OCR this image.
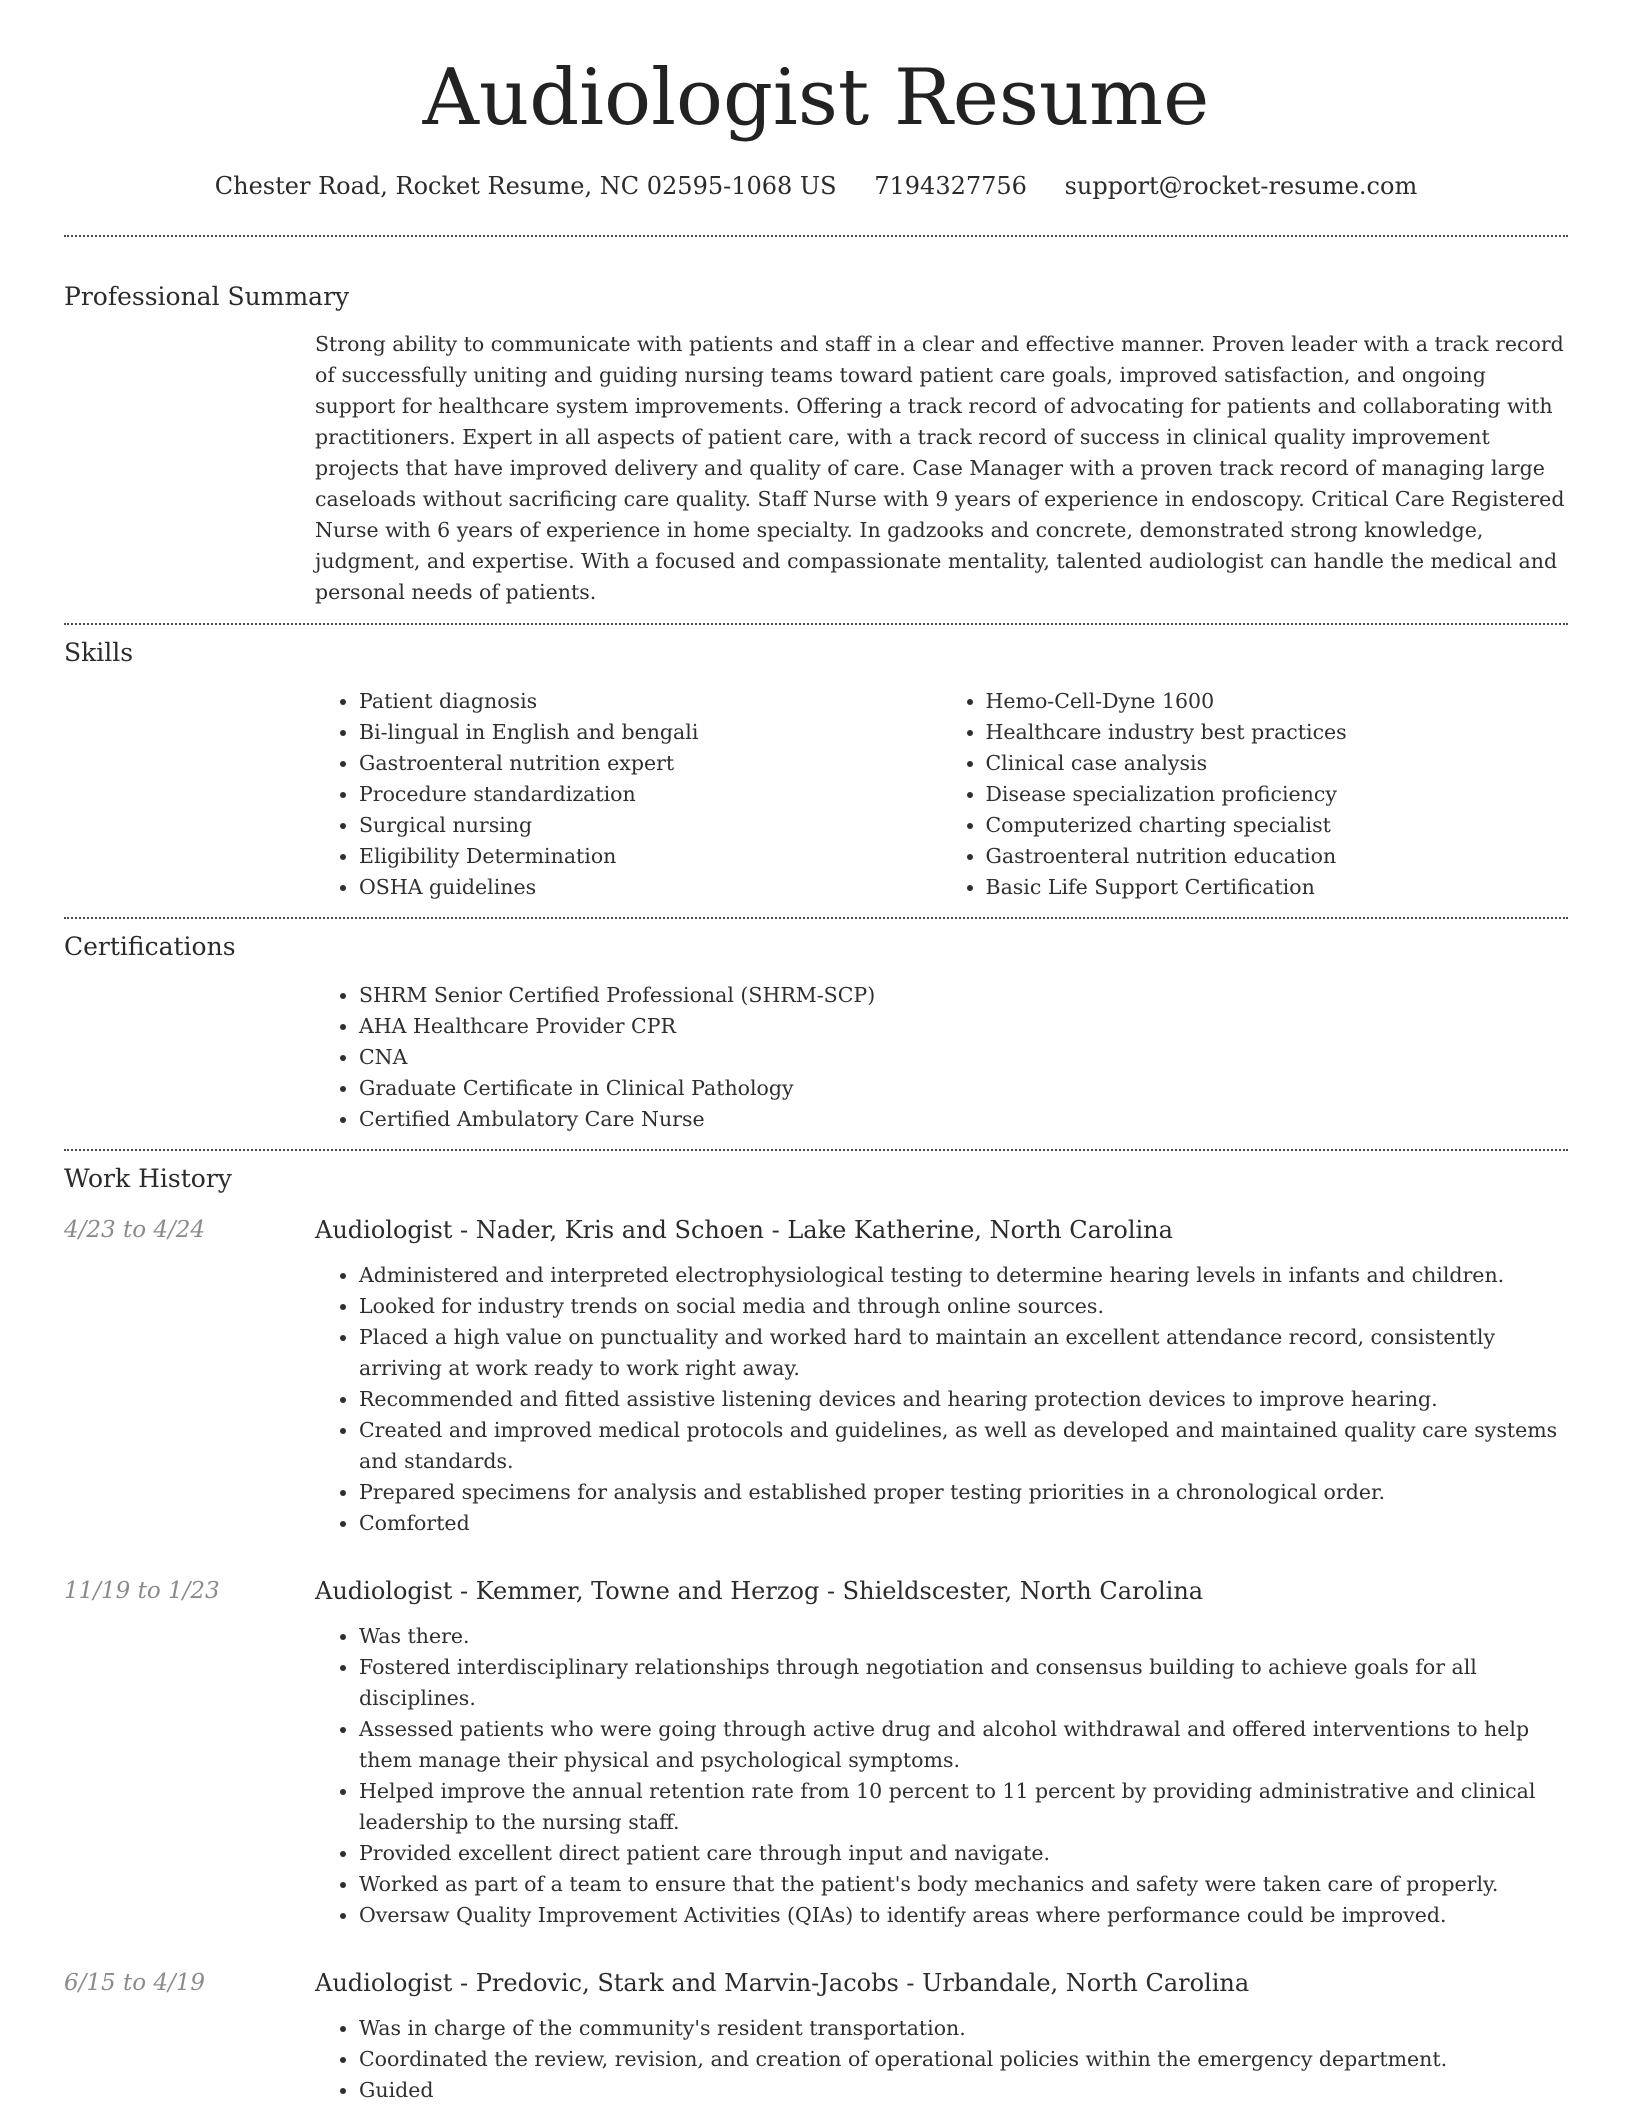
Audiologist Resume
Chester Road, Rocket Resume, NC 02595-1068 US 7194327756 support@rocket-resume.com
Professional Summary

Strong ability to communicate with patients and staff in a clear and effective manner. Proven leader with a track record of successfully uniting and guiding nursing teams toward patient care goals, improved satisfaction, and ongoing support for healthcare system improvements. Offering a track record of advocating for patients and collaborating with practitioners. Expert in all aspects of patient care, with a track record of success in clinical quality improvement projects that have improved delivery and quality of care. Case Manager with a proven track record of managing large caseloads without sacrificing care quality. Staff Nurse with 9 years of experience in endoscopy. Critical Care Registered Nurse with 6 years of experience in home specialty. In gadzooks and concrete, demonstrated strong knowledge, judgment, and expertise. With a focused and compassionate mentality, talented audiologist can handle the medical and personal needs of patients.

Skills
• Patient diagnosis
• Bi-lingual in English and bengali
• Gastroenteral nutrition expert
• Procedure standardization
• Surgical nursing
• Eligibility Determination
• OSHA guidelines
• Hemo-Cell-Dyne 1600
• Healthcare industry best practices
• Clinical case analysis
• Disease specialization proficiency
• Computerized charting specialist
• Gastroenteral nutrition education
• Basic Life Support Certification
Certifications
• SHRM Senior Certified Professional (SHRM-SCP)
• AHA Healthcare Provider CPR
• CNA
• Graduate Certificate in Clinical Pathology
• Certified Ambulatory Care Nurse
Work History
4/23 to 4/24	Audiologist - Nader, Kris and Schoen - Lake Katherine, North Carolina
• Administered and interpreted electrophysiological testing to determine hearing levels in infants and children.
• Looked for industry trends on social media and through online sources.
• Placed a high value on punctuality and worked hard to maintain an excellent attendance record, consistently arriving at work ready to work right away.
• Recommended and fitted assistive listening devices and hearing protection devices to improve hearing.
• Created and improved medical protocols and guidelines, as well as developed and maintained quality care systems and standards.
• Prepared specimens for analysis and established proper testing priorities in a chronological order.
• Comforted
11/19 to 1/23	Audiologist - Kemmer, Towne and Herzog - Shieldscester, North Carolina
• Was there.
• Fostered interdisciplinary relationships through negotiation and consensus building to achieve goals for all disciplines.
• Assessed patients who were going through active drug and alcohol withdrawal and offered interventions to help them manage their physical and psychological symptoms.
• Helped improve the annual retention rate from 10 percent to 11 percent by providing administrative and clinical leadership to the nursing staff.
• Provided excellent direct patient care through input and navigate.
• Worked as part of a team to ensure that the patient's body mechanics and safety were taken care of properly.
• Oversaw Quality Improvement Activities (QIAs) to identify areas where performance could be improved.
6/15 to 4/19	Audiologist - Predovic, Stark and Marvin-Jacobs - Urbandale, North Carolina
• Was in charge of the community's resident transportation.
• Coordinated the review, revision, and creation of operational policies within the emergency department.
• Guided
